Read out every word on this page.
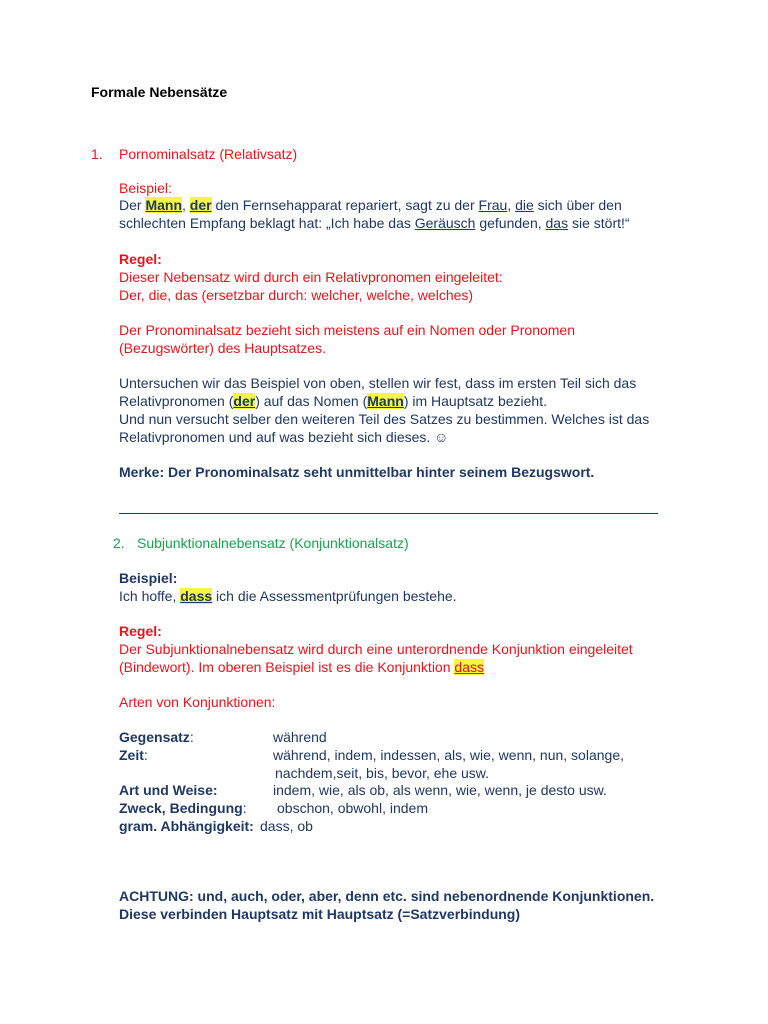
Formale Nebensätze
1. Pornominalsatz (Relativsatz)
Beispiel:
Der Mann, der den Fernsehapparat repariert, sagt zu der Frau, die sich über den
schlechten Empfang beklagt hat: „Ich habe das Geräusch gefunden, das sie stört!“
Regel:
Dieser Nebensatz wird durch ein Relativpronomen eingeleitet:
Der, die, das (ersetzbar durch: welcher, welche, welches)
Der Pronominalsatz bezieht sich meistens auf ein Nomen oder Pronomen
(Bezugswörter) des Hauptsatzes.
Untersuchen wir das Beispiel von oben, stellen wir fest, dass im ersten Teil sich das
Relativpronomen (der) auf das Nomen (Mann) im Hauptsatz bezieht.
Und nun versucht selber den weiteren Teil des Satzes zu bestimmen. Welches ist das
Relativpronomen und auf was bezieht sich dieses. ☺
Merke: Der Pronominalsatz seht unmittelbar hinter seinem Bezugswort.
2. Subjunktionalnebensatz (Konjunktionalsatz)
Beispiel:
Ich hoffe, dass ich die Assessmentprüfungen bestehe.
Regel:
Der Subjunktionalnebensatz wird durch eine unterordnende Konjunktion eingeleitet
(Bindewort). Im oberen Beispiel ist es die Konjunktion dass
Arten von Konjunktionen:
Gegensatz:	während
Zeit:	während, indem, indessen, als, wie, wenn, nun, solange,
nachdem,seit, bis, bevor, ehe usw.
Art und Weise:	indem, wie, als ob, als wenn, wie, wenn, je desto usw.
Zweck, Bedingung: obschon, obwohl, indem
gram. Abhängigkeit: dass, ob
ACHTUNG: und, auch, oder, aber, denn etc. sind nebenordnende Konjunktionen.
Diese verbinden Hauptsatz mit Hauptsatz (=Satzverbindung)
